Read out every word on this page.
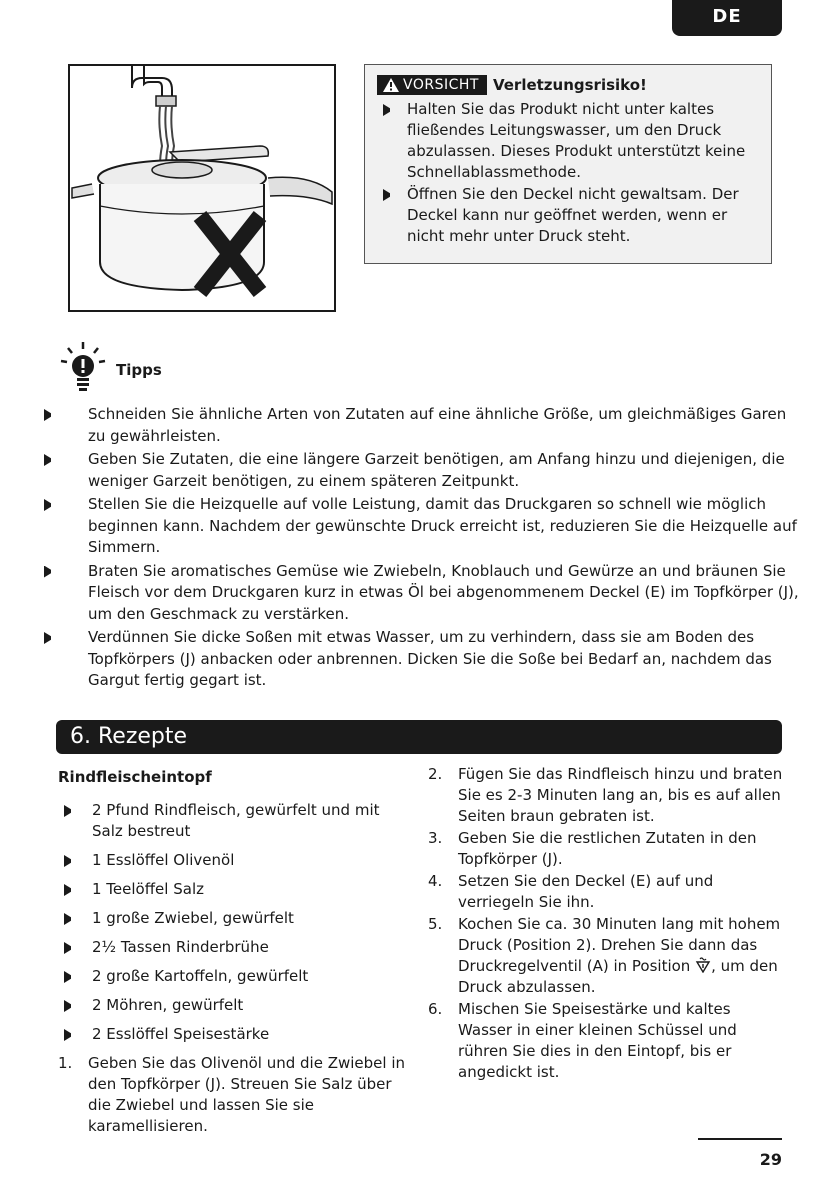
DE
VORSICHT Verletzungsrisiko!
Halten Sie das Produkt nicht unter kaltes fließendes Leitungswasser, um den Druck abzulassen. Dieses Produkt unterstützt keine Schnellablassmethode.
Öffnen Sie den Deckel nicht gewaltsam. Der Deckel kann nur geöffnet werden, wenn er nicht mehr unter Druck steht.
Tipps
Schneiden Sie ähnliche Arten von Zutaten auf eine ähnliche Größe, um gleichmäßiges Garen zu gewährleisten.
Geben Sie Zutaten, die eine längere Garzeit benötigen, am Anfang hinzu und diejenigen, die weniger Garzeit benötigen, zu einem späteren Zeitpunkt.
Stellen Sie die Heizquelle auf volle Leistung, damit das Druckgaren so schnell wie möglich beginnen kann. Nachdem der gewünschte Druck erreicht ist, reduzieren Sie die Heizquelle auf Simmern.
Braten Sie aromatisches Gemüse wie Zwiebeln, Knoblauch und Gewürze an und bräunen Sie Fleisch vor dem Druckgaren kurz in etwas Öl bei abgenommenem Deckel (E) im Topfkörper (J), um den Geschmack zu verstärken.
Verdünnen Sie dicke Soßen mit etwas Wasser, um zu verhindern, dass sie am Boden des Topfkörpers (J) anbacken oder anbrennen. Dicken Sie die Soße bei Bedarf an, nachdem das Gargut fertig gegart ist.
6. Rezepte
Rindfleischeintopf
2 Pfund Rindfleisch, gewürfelt und mit Salz bestreut
1 Esslöffel Olivenöl
1 Teelöffel Salz
1 große Zwiebel, gewürfelt
2½ Tassen Rinderbrühe
2 große Kartoffeln, gewürfelt
2 Möhren, gewürfelt
2 Esslöffel Speisestärke
1. Geben Sie das Olivenöl und die Zwiebel in den Topfkörper (J). Streuen Sie Salz über die Zwiebel und lassen Sie sie karamellisieren.
2. Fügen Sie das Rindfleisch hinzu und braten Sie es 2-3 Minuten lang an, bis es auf allen Seiten braun gebraten ist.
3. Geben Sie die restlichen Zutaten in den Topfkörper (J).
4. Setzen Sie den Deckel (E) auf und verriegeln Sie ihn.
5. Kochen Sie ca. 30 Minuten lang mit hohem Druck (Position 2). Drehen Sie dann das Druckregelventil (A) in Position , um den Druck abzulassen.
6. Mischen Sie Speisestärke und kaltes Wasser in einer kleinen Schüssel und rühren Sie dies in den Eintopf, bis er angedickt ist.
29
